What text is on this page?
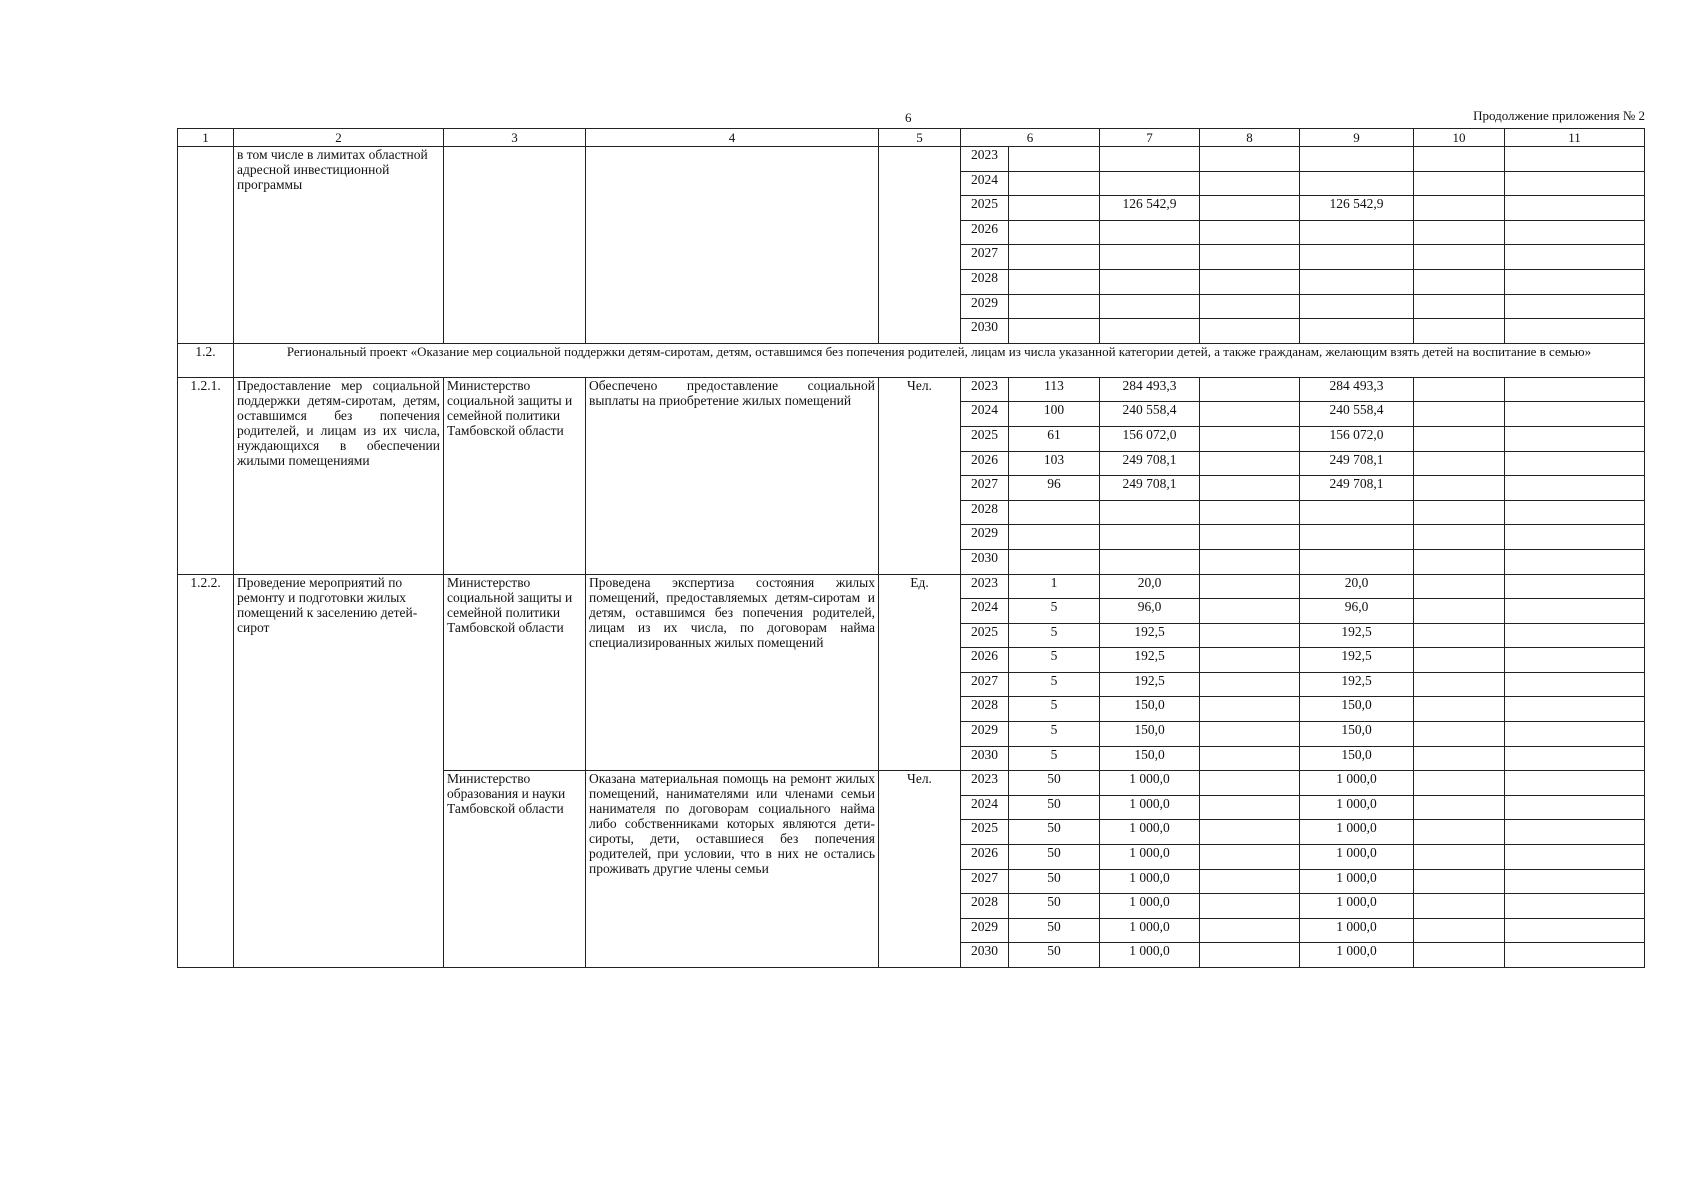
6	Продолжение приложения № 2
1	2	3	4	5	6		7	8	9	10	11
	в том числе в лимитах областной адресной инвестиционной программы				2023						
					2024						
					2025		126 542,9		126 542,9		
					2026						
					2027						
					2028						
					2029						
					2030						
1.2.	Региональный проект «Оказание мер социальной поддержки детям-сиротам, детям, оставшимся без попечения родителей, лицам из числа указанной категории детей, а также гражданам, желающим взять детей на воспитание в семью»										
1.2.1.	Предоставление мер социальной поддержки детям-сиротам, детям, оставшимся без попечения родителей, и лицам из их числа, нуждающихся в обеспечении жилыми помещениями	Министерство социальной защиты и семейной политики Тамбовской области	Обеспечено предоставление социальной выплаты на приобретение жилых помещений	Чел.	2023	113	284 493,3		284 493,3		
					2024	100	240 558,4		240 558,4		
					2025	61	156 072,0		156 072,0		
					2026	103	249 708,1		249 708,1		
					2027	96	249 708,1		249 708,1		
					2028						
					2029						
					2030						
1.2.2.	Проведение мероприятий по ремонту и подготовки жилых помещений к заселению детей-сирот	Министерство социальной защиты и семейной политики Тамбовской области	Проведена экспертиза состояния жилых помещений, предоставляемых детям-сиротам и детям, оставшимся без попечения родителей, лицам из их числа, по договорам найма специализированных жилых помещений	Ед.	2023	1	20,0		20,0		
					2024	5	96,0		96,0		
					2025	5	192,5		192,5		
					2026	5	192,5		192,5		
					2027	5	192,5		192,5		
					2028	5	150,0		150,0		
					2029	5	150,0		150,0		
					2030	5	150,0		150,0		
		Министерство образования и науки Тамбовской области	Оказана материальная помощь на ремонт жилых помещений, нанимателями или членами семьи нанимателя по договорам социального найма либо собственниками которых являются дети-сироты, дети, оставшиеся без попечения родителей, при условии, что в них не остались проживать другие члены семьи	Чел.	2023	50	1 000,0		1 000,0		
					2024	50	1 000,0		1 000,0		
					2025	50	1 000,0		1 000,0		
					2026	50	1 000,0		1 000,0		
					2027	50	1 000,0		1 000,0		
					2028	50	1 000,0		1 000,0		
					2029	50	1 000,0		1 000,0		
					2030	50	1 000,0		1 000,0		
